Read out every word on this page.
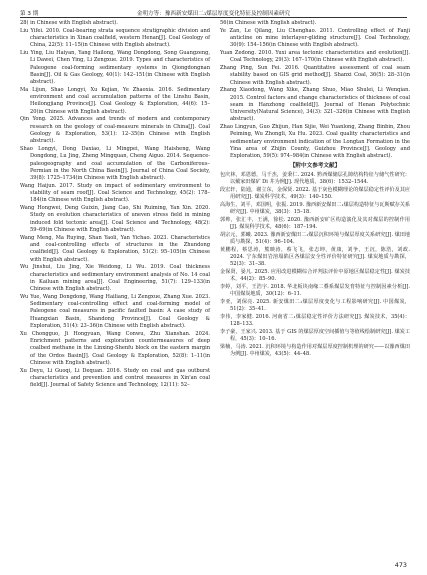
第 3 期	金明方等：豫西新安煤田二₁煤层厚度变化特征及控制因素研究

28( in Chinese with English abstract).

Liu Yifei. 2010. Coal-bearing strata sequence stratigraphic division and characteristics in Xinan coalfield, western Henan[J]. Coal Geology of China, 22(5): 11–15(in Chinese with English abstract).

Liu Ying, Liu Haiyan, Yang Hailong, Wang Dongdong, Song Guangzeng, Li Dawei, Chen Ying, Li Zengxue. 2019. Types and characteristics of Paleogene coal-forming sedimentary systems in Qiongdongnan Basin[J]. Oil & Gas Geology, 40(1): 142–151(in Chinese with English abstract).

Ma Lijun, Shao Longyi, Xu Kejian, Ye Zhaoxia. 2016. Sedimentary environment and coal accumulation patterns of the Linshu Basin, Heilongjiang Province[J]. Coal Geology & Exploration, 44(6): 15–20(in Chinese with English abstract).

Qin Yong. 2025. Advances and trends of modern and contemporary research on the geology of coal-measure minerals in China[J]. Coal Geology & Exploration, 53(1): 12–35(in Chinese with English abstract).

Shao Longyi, Dong Daxiao, Li Mingpei, Wang Haisheng, Wang Dongdong, Lu Jing, Zheng Mingquan, Cheng Aiguo. 2014. Sequence-paleogeography and coal accumulation of the Carboniferous–Permian in the North China Basin[J]. Journal of China Coal Society, 39(8): 1725–1734(in Chinese with English abstract).

Wang Haijun. 2017. Study on impact of sedimentary environment to stability of seam roof[J]. Coal Science and Technology, 45(2): 178–184(in Chinese with English abstract).

Wang Hongwei, Deng Guixin, Jiang Cao, Shi Ruiming, Yan Xin. 2020. Study on evolution characteristics of uneven stress field in mining induced fold tectonic area[J]. Coal Science and Technology, 48(2): 59–69(in Chinese with English abstract).

Wang Meng, Ma Ruying, Shan Yaoli, Yan Yichao. 2023. Characteristics and coal-controlling effects of structures in the Zhundong coalfield[J]. Coal Geology & Exploration, 51(2): 95–105(in Chinese with English abstract).

Wu Jinshui, Liu Jing, Xie Weidong, Li Wu. 2019. Coal thickness characteristics and sedimentary environment analysis of No. 14 coal in Kailuan mining area[J]. Coal Engineering, 51(7): 129–133(in Chinese with English abstract).

Wu Yue, Wang Dongdong, Wang Hailiang, Li Zengxue, Zhang Xue. 2023. Sedimentary coal-controlling effect and coal-forming model of Paleogene coal measures in pacific faulted basin: A case study of Huangxian Basin, Shandong Province[J]. Coal Geology & Exploration, 51(4): 23–36(in Chinese with English abstract).

Xu Chongguo, Ji Hongyuan, Wang Conwu, Zhu Xianshan. 2024. Enrichment patterns and exploration countermeasures of deep coalbed methane in the Linxing-Shenfu block on the eastern margin of the Ordos Basin[J]. Coal Geology & Exploration, 52(8): 1–11(in Chinese with English abstract).

Xu Deyu, Li Guoqi, Li Dequan. 2016. Study on coal and gas outburst characteristics and prevention and control measures in Xin'an coal field[J]. Journal of Safety Science and Technology, 12(11): 52–

56(in Chinese with English abstract).

Ye Zan, Le Qilang, Liu Chenghao. 2011. Controlling effect of Fanji anticline on mine interlayer-gliding structure[J]. Coal Technology, 30(9): 154–156(in Chinese with English abstract).

Yuan Zedong. 2010. Yuxi area tectonic characteristics and evolution[J]. Coal Technology, 29(3): 167–170(in Chinese with English abstract).

Zhang Ping, Sun Fei. 2016. Quantitative assessment of coal seam stability based on GIS grid method[J]. Shanxi Coal, 36(5): 28–31(in Chinese with English abstract).

Zhang Xiaodong, Wang Xike, Zhang Shuo, Miao Shulei, Li Wenqian. 2015. Control factors and change characteristics of thickness of coal seam in Hanzhong coalfield[J]. Journal of Henan Polytechnic University(Natural Science), 34(3): 321–326(in Chinese with English abstract).

Zhao Lingyun, Guo Zhijun, Han Sijie, Wei Yuanlong, Zhang Binbin, Zhou Peiming, Wu Zhongli, Xu Hu. 2023. Coal quality characteristics and sedimentary environment indication of the Longtan Formation in the Yina area of Zhijin County, Guizhou Province[J]. Geology and Exploration, 59(5): 974–984(in Chinese with English abstract).

【附中文参考文献】

包庆林，邓恩德，马千杰，姜秉仁. 2024. 黔西煤储层孔隙结构特征与储气性研究：以戴家田煤矿 Di 井为例[J]. 现代地质，38(6)：1532–1544.

段宏轩，陆通，谢立东，金保贤. 2022. 基于灰色模糊理论的煤层稳定性评价及其应用研究[J]. 煤炭科学技术，49(3)：140–150.

高海生，刘平，邓国明，张振. 2019. 豫西新安煤田二₁煤层构造特征与瓦斯赋存关系研究[J]. 中州煤炭，38(3)：15–18.

郭帅，张汇丰，王满，徐松. 2020. 豫西新安矿区构造演化及其对煤层的控制作用[J]. 煤炭科学技术，48(6)：187–194.

胡宗元，郭曦. 2023. 豫西新安煤田二₁煤层沉积环境与煤层厚度关系研究[J]. 煤田地质与勘探，51(4)：96–104.

黄鹏程，蔡思涛，熊映涛，蔡飞飞，张志坤，黄康，刘争，王沉，陈浩，刘政. 2024. 宁东煤田岩溶塌陷区各煤层安全性评价特征研究[J]. 煤炭地质与勘探，52(3)：31–38.

金保贤，晏凡. 2025. 应用改进模糊综合评判法评价中原地区煤层稳定性[J]. 煤炭技术，44(2)：85–90.

李婷，刘平，王浩宇. 2018. 华北板块南缘二叠系煤层发育特征与控制因素分析[J]. 中国煤炭地质，30(12)：6–11.

李亚，刘保亮. 2025. 新安煤田二₁煤层厚度变化与工程影响研究[J]. 中国煤炭，51(2)：35–41.

李伟，李家健. 2016. 河南省二₁煤层稳定性评价方法研究[J]. 煤炭技术，35(4)：128–133.

李子豪，王家兴. 2013. 基于 GIS 的煤层厚度空间插值与等值线绘制研究[J]. 煤炭工程，45(3)：10–16.

梁楠，马涛. 2021. 沉积环境与构造作用对煤层厚度控制机理的研究——以豫西煤田为例[J]. 中州煤炭，43(5)：44–48.

473
